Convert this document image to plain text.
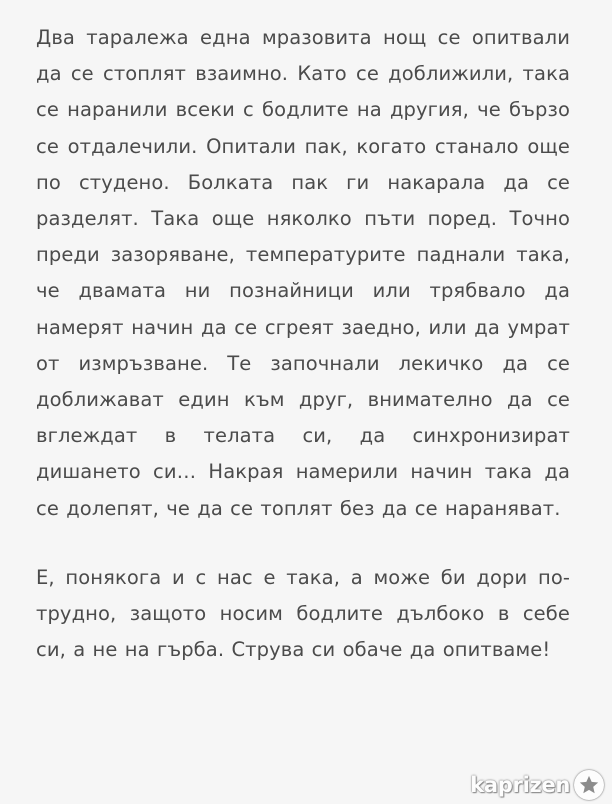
Два таралежа една мразовита нощ се опитвали да се стоплят взаимно. Като се доближили, така се наранили всеки с бодлите на другия, че бързо се отдалечили. Опитали пак, когато станало още по студено. Болката пак ги накарала да се разделят. Така още няколко пъти поред. Точно преди зазоряване, температурите паднали така, че двамата ни познайници или трябвало да намерят начин да се сгреят заедно, или да умрат от измръзване. Те започнали лекичко да се доближават един към друг, внимателно да се вглеждат в телата си, да синхронизират дишането си… Накрая намерили начин така да се долепят, че да се топлят без да се нараняват.

Е, понякога и с нас е така, а може би дори по-трудно, защото носим бодлите дълбоко в себе си, а не на гърба. Струва си обаче да опитваме!

kaprizen
